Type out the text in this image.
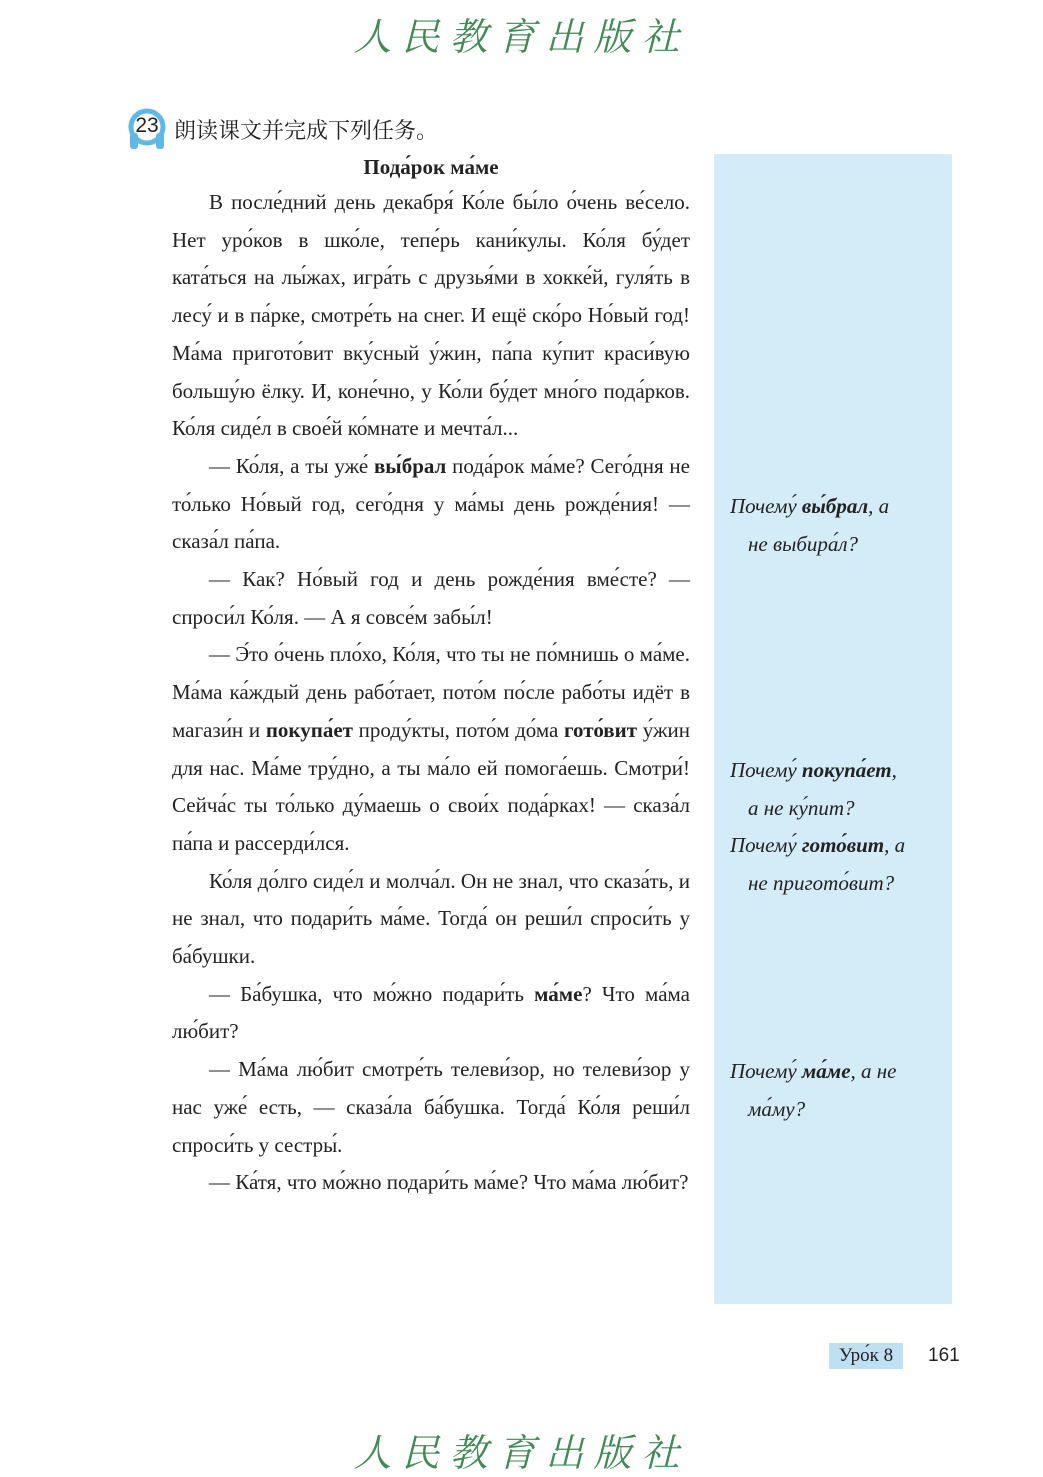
人民教育出版社
23 朗读课文并完成下列任务。
Почему́ вы́брал, а
не выбира́л?
Почему́ покупа́ет,
а не ку́пит?
Почему́ гото́вит, а
не пригото́вит?
Почему́ ма́ме, а не
ма́му?
Пода́рок ма́ме

В после́дний день декабря́ Ко́ле бы́ло о́чень ве́село. Нет уро́ков в шко́ле, тепе́рь кани́кулы. Ко́ля бу́дет ката́ться на лы́жах, игра́ть с друзья́ми в хокке́й, гуля́ть в лесу́ и в па́рке, смотре́ть на снег. И ещё ско́ро Но́вый год! Ма́ма пригото́вит вку́сный у́жин, па́па ку́пит краси́вую большу́ю ёлку. И, коне́чно, у Ко́ли бу́дет мно́го пода́рков. Ко́ля сиде́л в свое́й ко́мнате и мечта́л...

— Ко́ля, а ты уже́ вы́брал пода́рок ма́ме? Сего́дня не то́лько Но́вый год, сего́дня у ма́мы день рожде́ния! — сказа́л па́па.

— Как? Но́вый год и день рожде́ния вме́сте? — спроси́л Ко́ля. — А я совсе́м забы́л!

— Э́то о́чень пло́хо, Ко́ля, что ты не по́мнишь о ма́ме. Ма́ма ка́ждый день рабо́тает, пото́м по́сле рабо́ты идёт в магази́н и покупа́ет проду́кты, пото́м до́ма гото́вит у́жин для нас. Ма́ме тру́дно, а ты ма́ло ей помога́ешь. Смотри́! Сейча́с ты то́лько ду́маешь о свои́х пода́рках! — сказа́л па́па и рассерди́лся.

Ко́ля до́лго сиде́л и молча́л. Он не знал, что сказа́ть, и не знал, что подари́ть ма́ме. Тогда́ он реши́л спроси́ть у ба́бушки.

— Ба́бушка, что мо́жно подари́ть ма́ме? Что ма́ма лю́бит?

— Ма́ма лю́бит смотре́ть телеви́зор, но телеви́зор у нас уже́ есть, — сказа́ла ба́бушка. Тогда́ Ко́ля реши́л спроси́ть у сестры́.

— Ка́тя, что мо́жно подари́ть ма́ме? Что ма́ма лю́бит?

Уро́к 8	161
人民教育出版社
